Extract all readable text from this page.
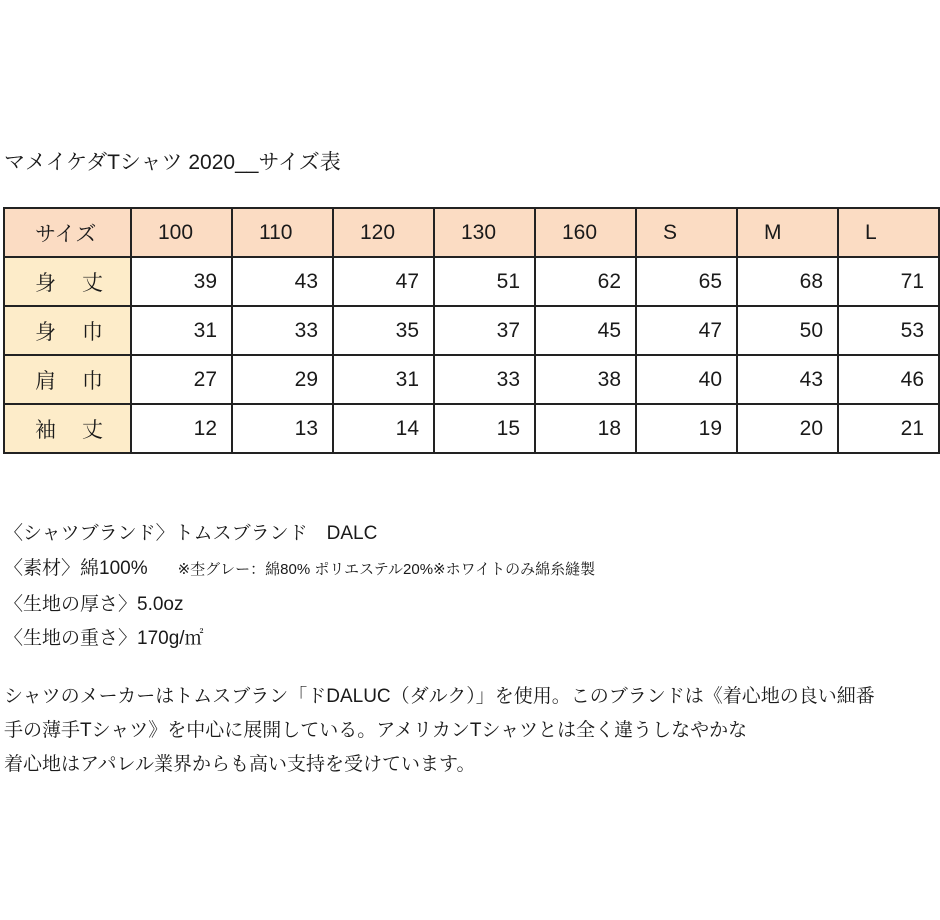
マメイケダTシャツ 2020__サイズ表
サイズ	100	110	120	130	160	S	M	L
身 丈	39	43	47	51	62	65	68	71
身 巾	31	33	35	37	45	47	50	53
肩 巾	27	29	31	33	38	40	43	46
袖 丈	12	13	14	15	18	19	20	21
〈シャツブランド〉トムスブランド　DALC
〈素材〉綿100% ※杢グレー：綿80% ポリエステル20%※ホワイトのみ綿糸縫製
〈生地の厚さ〉5.0oz
〈生地の重さ〉170g/㎡
シャツのメーカーはトムスブラン「ドDALUC（ダルク）」を使用。このブランドは《着心地の良い細番
手の薄手Tシャツ》を中心に展開している。アメリカンTシャツとは全く違うしなやかな
着心地はアパレル業界からも高い支持を受けています。
